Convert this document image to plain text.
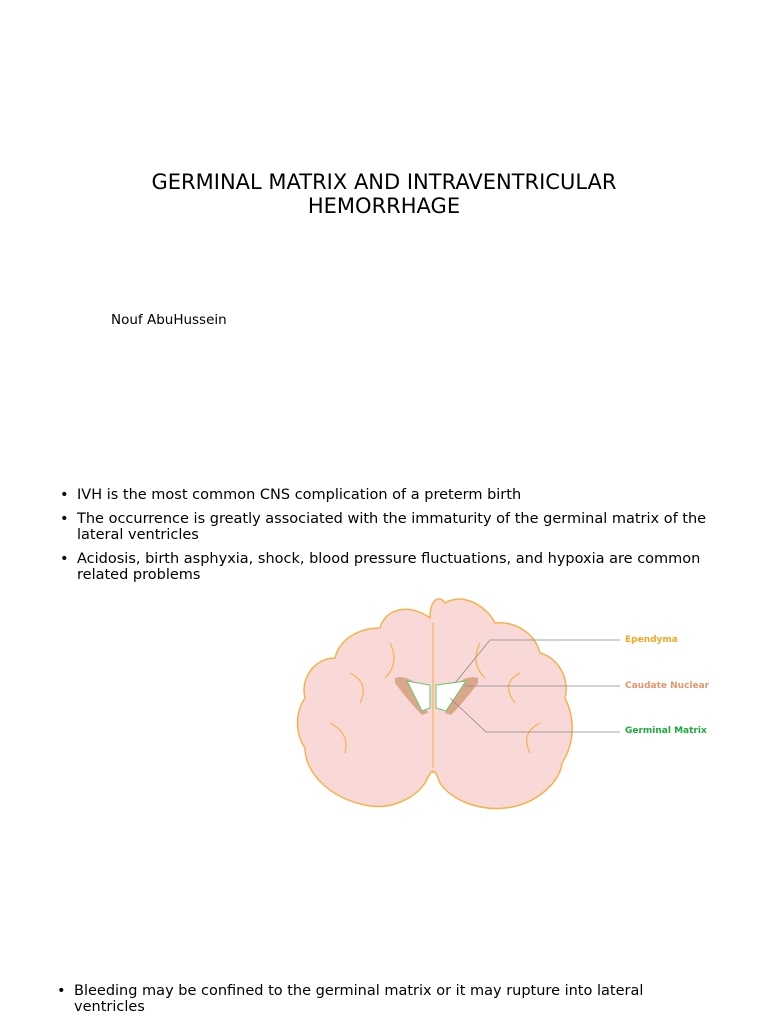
GERMINAL MATRIX AND INTRAVENTRICULAR
HEMORRHAGE
Nouf AbuHussein
• IVH is the most common CNS complication of a preterm birth
• The occurrence is greatly associated with the immaturity of the germinal matrix of the
lateral ventricles
• Acidosis, birth asphyxia, shock, blood pressure fluctuations, and hypoxia are common
related problems
Ependyma
Caudate Nuclear
Germinal Matrix
• Bleeding may be confined to the germinal matrix or it may rupture into lateral
ventricles
